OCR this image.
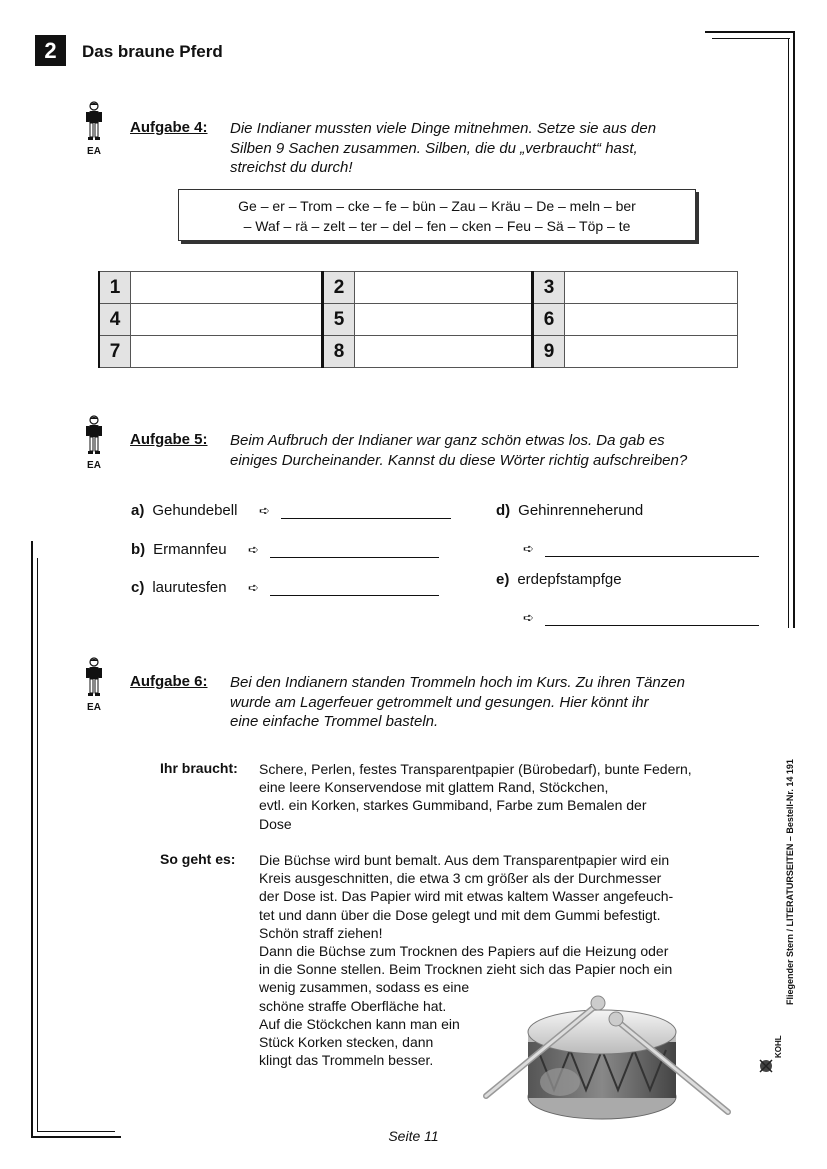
2	Das braune Pferd
EA
EA
EA
Aufgabe 4: Die Indianer mussten viele Dinge mitnehmen. Setze sie aus den
Silben 9 Sachen zusammen. Silben, die du „verbraucht“ hast,
streichst du durch!
Ge – er – Trom – cke – fe – bün – Zau – Kräu – De – meln – ber
– Waf – rä – zelt – ter – del – fen – cken – Feu – Sä – Töp – te
1		2		3	
4		5		6	
7		8		9	
Aufgabe 5: Beim Aufbruch der Indianer war ganz schön etwas los. Da gab es
einiges Durcheinander. Kannst du diese Wörter richtig aufschreiben?
a) Gehundebell ➪
b) Ermannfeu ➪
c) laurutesfen ➪
d) Gehinrenneherund
➪
e) erdepfstampfge
➪
Aufgabe 6: Bei den Indianern standen Trommeln hoch im Kurs. Zu ihren Tänzen
wurde am Lagerfeuer getrommelt und gesungen. Hier könnt ihr
eine einfache Trommel basteln.
Ihr braucht: Schere, Perlen, festes Transparentpapier (Bürobedarf), bunte Federn,
eine leere Konservendose mit glattem Rand, Stöckchen,
evtl. ein Korken, starkes Gummiband, Farbe zum Bemalen der
Dose
So geht es: Die Büchse wird bunt bemalt. Aus dem Transparentpapier wird ein
Kreis ausgeschnitten, die etwa 3 cm größer als der Durchmesser
der Dose ist. Das Papier wird mit etwas kaltem Wasser angefeuch-
tet und dann über die Dose gelegt und mit dem Gummi befestigt.
Schön straff ziehen!
Dann die Büchse zum Trocknen des Papiers auf die Heizung oder
in die Sonne stellen. Beim Trocknen zieht sich das Papier noch ein
wenig zusammen, sodass es eine
schöne straffe Oberfläche hat.
Auf die Stöckchen kann man ein
Stück Korken stecken, dann
klingt das Trommeln besser.
Fliegender Stern / LITERATURSEITEN – Bestell-Nr. 14 191
KOHL
Seite 11
